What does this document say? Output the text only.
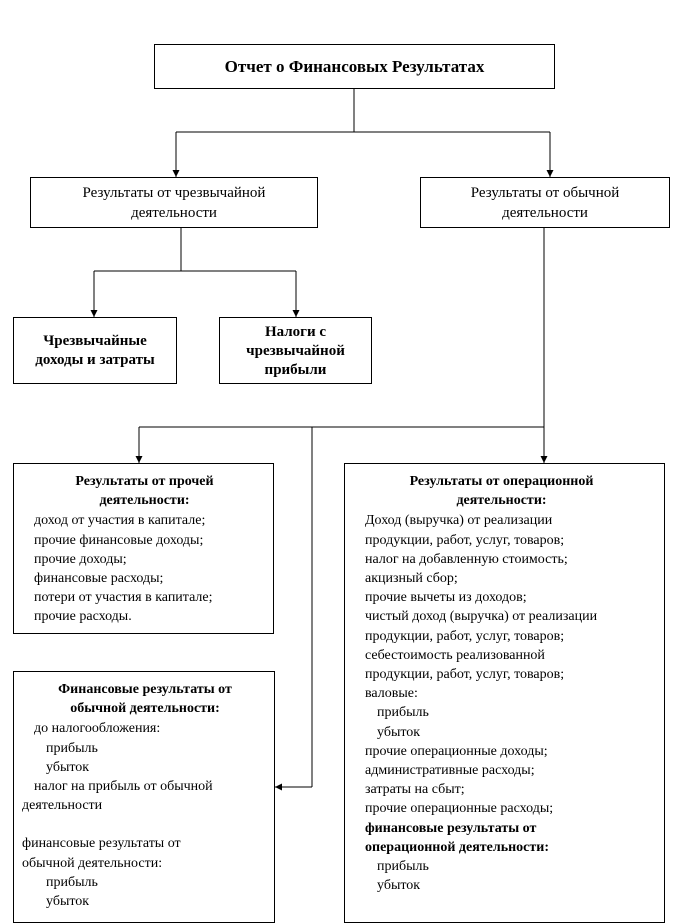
Отчет о Финансовых Результатах
Результаты от чрезвычайной деятельности
Результаты от обычной деятельности
Чрезвычайные доходы и затраты
Налоги с чрезвычайной прибыли
Результаты от прочей деятельности:
доход от участия в капитале;
прочие финансовые доходы;
прочие доходы;
финансовые расходы;
потери от участия в капитале;
прочие расходы.
Результаты от операционной деятельности:
Доход (выручка) от реализации
продукции, работ, услуг, товаров;
налог на добавленную стоимость;
акцизный сбор;
прочие вычеты из доходов;
чистый доход (выручка) от реализации
продукции, работ, услуг, товаров;
себестоимость реализованной
продукции, работ, услуг, товаров;
валовые:
прибыль
убыток
прочие операционные доходы;
административные расходы;
затраты на сбыт;
прочие операционные расходы;
финансовые результаты от
операционной деятельности:
прибыль
убыток
Финансовые результаты от обычной деятельности:
до налогообложения:
прибыль
убыток
налог на прибыль от обычной
деятельности
финансовые результаты от
обычной деятельности:
прибыль
убыток
